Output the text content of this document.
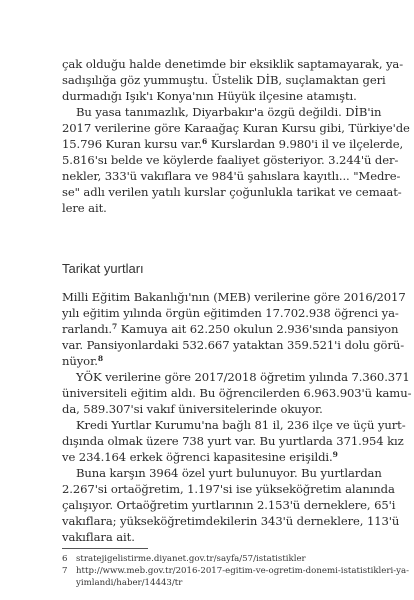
çak olduğu halde denetimde bir eksiklik saptamayarak, ya-
sadışılığa göz yummuştu. Üstelik DİB, suçlamaktan geri
durmadığı Işık'ı Konya'nın Hüyük ilçesine atamıştı.
Bu yasa tanımazlık, Diyarbakır'a özgü değildi. DİB'in
2017 verilerine göre Karaağaç Kuran Kursu gibi, Türkiye'de
15.796 Kuran kursu var.$^6$ Kurslardan 9.980'i il ve ilçelerde,
5.816'sı belde ve köylerde faaliyet gösteriyor. 3.244'ü der-
nekler, 333'ü vakıflara ve 984'ü şahıslara kayıtlı... "Medre-
se" adlı verilen yatılı kurslar çoğunlukla tarikat ve cemaat-
lere ait.
Tarikat yurtları
Milli Eğitim Bakanlığı'nın (MEB) verilerine göre 2016/2017
yılı eğitim yılında örgün eğitimden 17.702.938 öğrenci ya-
rarlandı.$^7$ Kamuya ait 62.250 okulun 2.936'sında pansiyon
var. Pansiyonlardaki 532.667 yataktan 359.521'i dolu görü-
nüyor.$^8$
YÖK verilerine göre 2017/2018 öğretim yılında 7.360.371
üniversiteli eğitim aldı. Bu öğrencilerden 6.963.903'ü kamu-
da, 589.307'si vakıf üniversitelerinde okuyor.
Kredi Yurtlar Kurumu'na bağlı 81 il, 236 ilçe ve üçü yurt-
dışında olmak üzere 738 yurt var. Bu yurtlarda 371.954 kız
ve 234.164 erkek öğrenci kapasitesine erişildi.$^9$
Buna karşın 3964 özel yurt bulunuyor. Bu yurtlardan
2.267'si ortaöğretim, 1.197'si ise yükseköğretim alanında
çalışıyor. Ortaöğretim yurtlarının 2.153'ü derneklere, 65'i
vakıflara; yükseköğretimdekilerin 343'ü derneklere, 113'ü
vakıflara ait.
6 stratejigelistirme.diyanet.gov.tr/sayfa/57/istatistikler
7 http://www.meb.gov.tr/2016-2017-egitim-ve-ogretim-donemi-istatistikleri-ya-
yimlandi/haber/14443/tr
